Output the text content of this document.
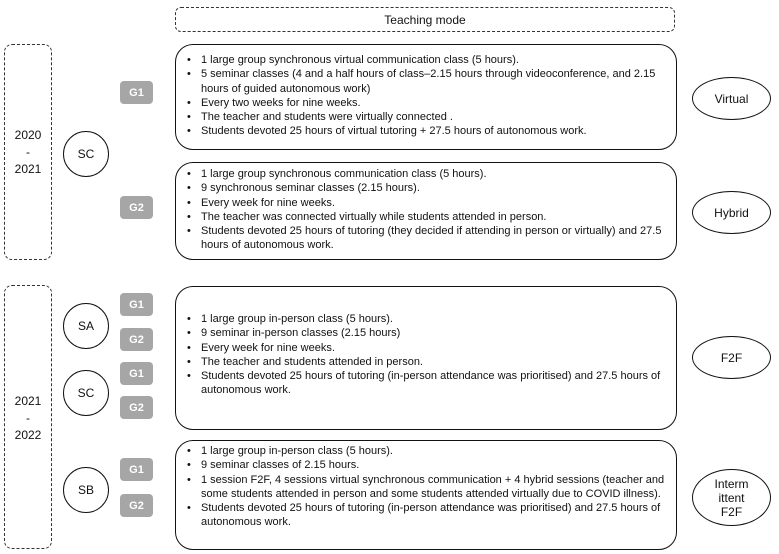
Teaching mode
2020
-
2021
2021
-
2022
SC
SA
SC
SB
G1
G2
G1
G2
G1
G2
G1
G2
• 1 large group synchronous virtual communication class (5 hours).
• 5 seminar classes (4 and a half hours of class–2.15 hours through videoconference, and 2.15 hours of guided autonomous work)
• Every two weeks for nine weeks.
• The teacher and students were virtually connected .
• Students devoted 25 hours of virtual tutoring + 27.5 hours of autonomous work.
• 1 large group synchronous communication class (5 hours).
• 9 synchronous seminar classes (2.15 hours).
• Every week for nine weeks.
• The teacher was connected virtually while students attended in person.
• Students devoted 25 hours of tutoring (they decided if attending in person or virtually) and 27.5 hours of autonomous work.
• 1 large group in-person class (5 hours).
• 9 seminar in-person classes (2.15 hours)
• Every week for nine weeks.
• The teacher and students attended in person.
• Students devoted 25 hours of tutoring (in-person attendance was prioritised) and 27.5 hours of autonomous work.
• 1 large group in-person class (5 hours).
• 9 seminar classes of 2.15 hours.
• 1 session F2F, 4 sessions virtual synchronous communication + 4 hybrid sessions (teacher and some students attended in person and some students attended virtually due to COVID illness).
• Students devoted 25 hours of tutoring (in-person attendance was prioritised) and 27.5 hours of autonomous work.
Virtual
Hybrid
F2F
Interm ittent F2F
